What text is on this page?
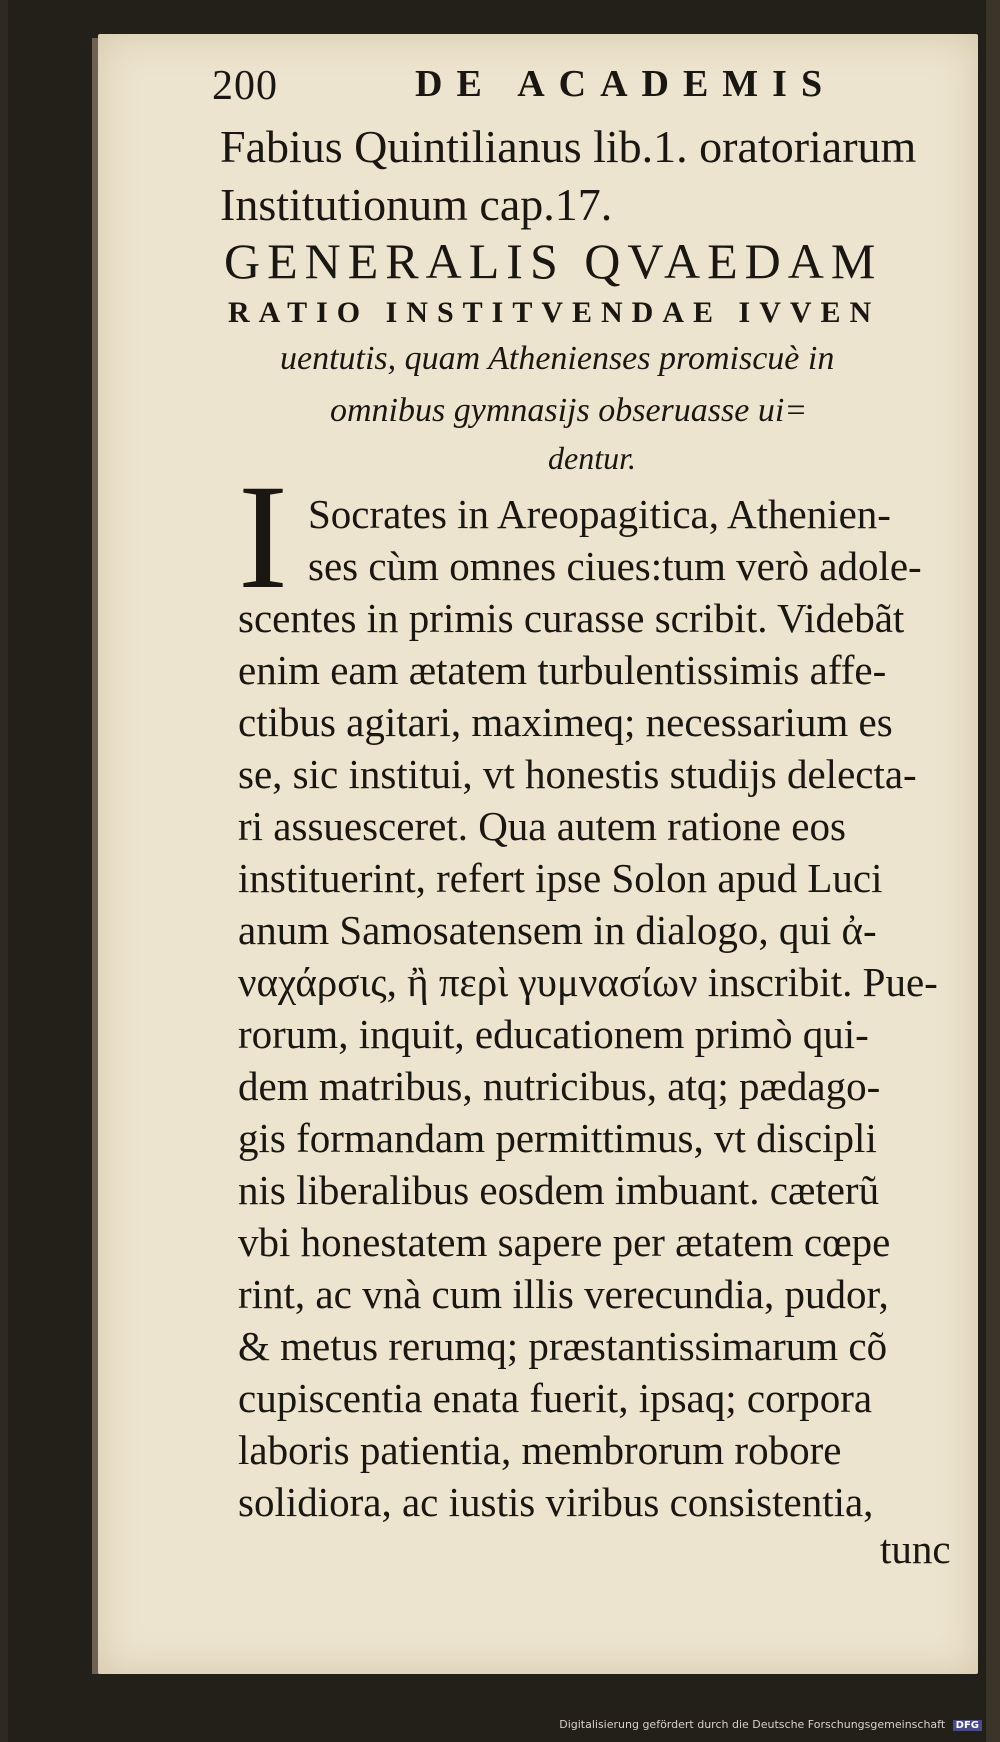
200	DE ACADEMIS
Fabius Quintilianus lib.1. oratoriarum
Institutionum cap.17.
GENERALIS QVAEDAM
RATIO INSTITVENDAE IVVEN
uentutis, quam Athenienses promiscuè in
omnibus gymnasijs obseruasse ui=
dentur.
I Socrates in Areopagitica, Athenien-
ses cùm omnes ciues:tum verò adole-
scentes in primis curasse scribit. Videbãt
enim eam ætatem turbulentissimis affe-
ctibus agitari, maximeq; necessarium es
se, sic institui, vt honestis studijs delecta-
ri assuesceret. Qua autem ratione eos
instituerint, refert ipse Solon apud Luci
anum Samosatensem in dialogo, qui ἀ-
ναχάρσις, ἢ περὶ γυμνασίων inscribit. Pue-
rorum, inquit, educationem primò qui-
dem matribus, nutricibus, atq; pædago-
gis formandam permittimus, vt discipli
nis liberalibus eosdem imbuant. cæterũ
vbi honestatem sapere per ætatem cœpe
rint, ac vnà cum illis verecundia, pudor,
& metus rerumq; præstantissimarum cõ
cupiscentia enata fuerit, ipsaq; corpora
laboris patientia, membrorum robore
solidiora, ac iustis viribus consistentia,
tunc
Digitalisierung gefördert durch die Deutsche Forschungsgemeinschaft DFG
